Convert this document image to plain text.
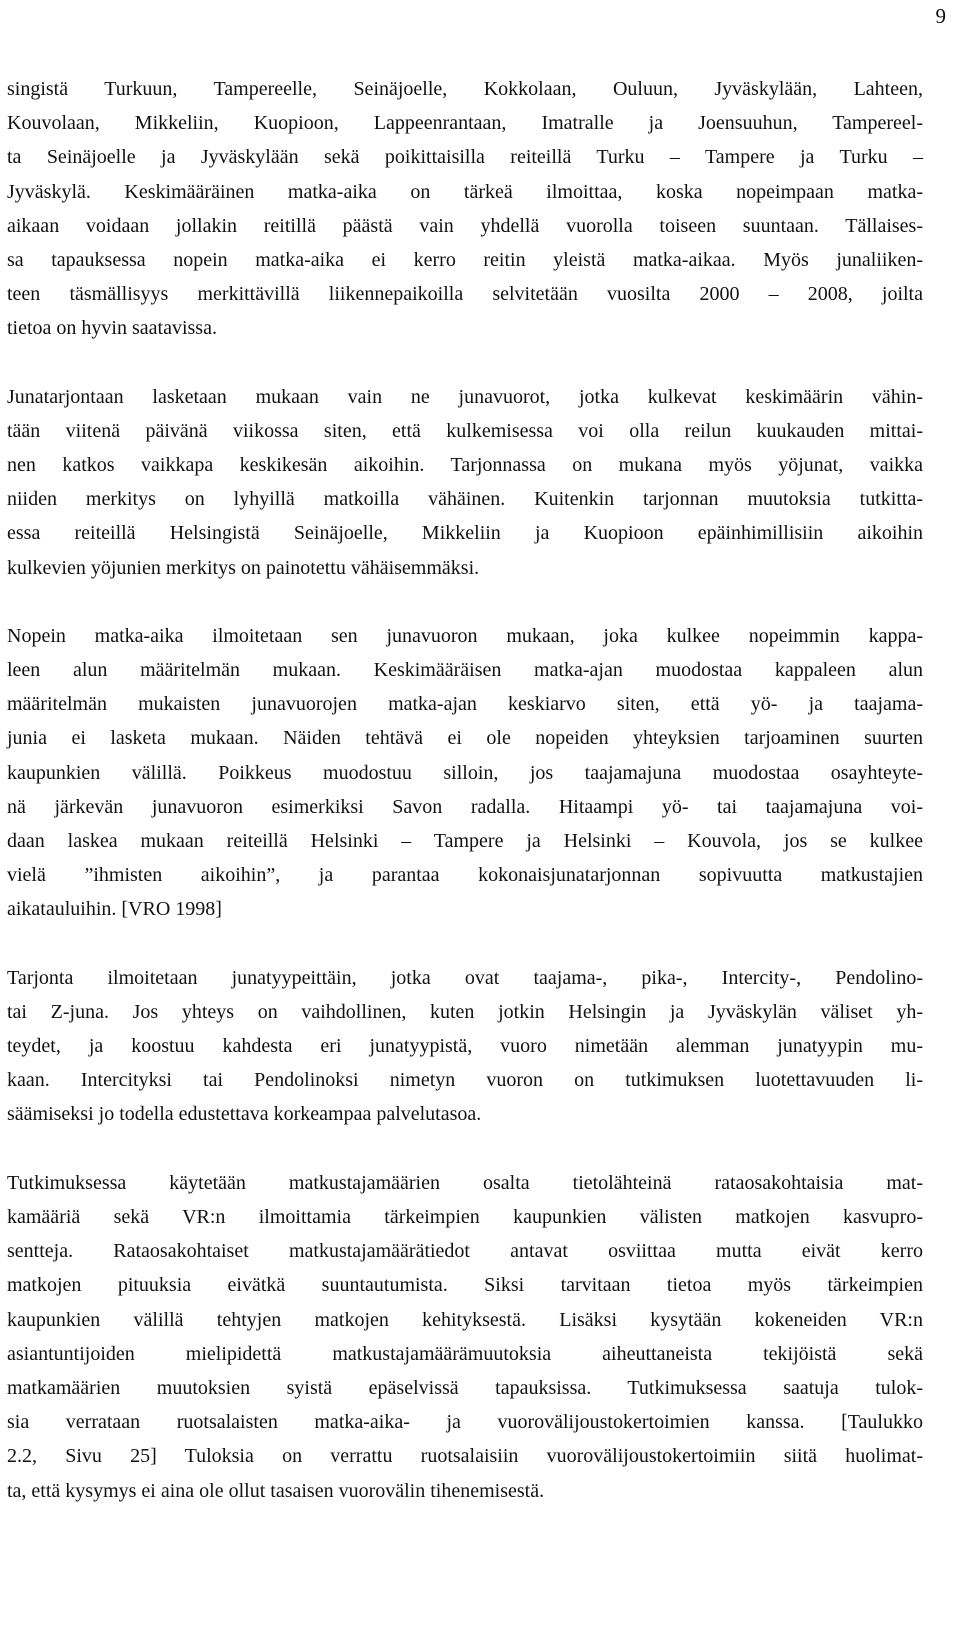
9

singistä Turkuun, Tampereelle, Seinäjoelle, Kokkolaan, Ouluun, Jyväskylään, Lahteen,
Kouvolaan, Mikkeliin, Kuopioon, Lappeenrantaan, Imatralle ja Joensuuhun, Tampereel-
ta Seinäjoelle ja Jyväskylään sekä poikittaisilla reiteillä Turku – Tampere ja Turku –
Jyväskylä. Keskimääräinen matka-aika on tärkeä ilmoittaa, koska nopeimpaan matka-
aikaan voidaan jollakin reitillä päästä vain yhdellä vuorolla toiseen suuntaan. Tällaises-
sa tapauksessa nopein matka-aika ei kerro reitin yleistä matka-aikaa. Myös junaliiken-
teen täsmällisyys merkittävillä liikennepaikoilla selvitetään vuosilta 2000 – 2008, joilta
tietoa on hyvin saatavissa.

Junatarjontaan lasketaan mukaan vain ne junavuorot, jotka kulkevat keskimäärin vähin-
tään viitenä päivänä viikossa siten, että kulkemisessa voi olla reilun kuukauden mittai-
nen katkos vaikkapa keskikesän aikoihin. Tarjonnassa on mukana myös yöjunat, vaikka
niiden merkitys on lyhyillä matkoilla vähäinen. Kuitenkin tarjonnan muutoksia tutkitta-
essa reiteillä Helsingistä Seinäjoelle, Mikkeliin ja Kuopioon epäinhimillisiin aikoihin
kulkevien yöjunien merkitys on painotettu vähäisemmäksi.

Nopein matka-aika ilmoitetaan sen junavuoron mukaan, joka kulkee nopeimmin kappa-
leen alun määritelmän mukaan. Keskimääräisen matka-ajan muodostaa kappaleen alun
määritelmän mukaisten junavuorojen matka-ajan keskiarvo siten, että yö- ja taajama-
junia ei lasketa mukaan. Näiden tehtävä ei ole nopeiden yhteyksien tarjoaminen suurten
kaupunkien välillä. Poikkeus muodostuu silloin, jos taajamajuna muodostaa osayhteyte-
nä järkevän junavuoron esimerkiksi Savon radalla. Hitaampi yö- tai taajamajuna voi-
daan laskea mukaan reiteillä Helsinki – Tampere ja Helsinki – Kouvola, jos se kulkee
vielä ”ihmisten aikoihin”, ja parantaa kokonaisjunatarjonnan sopivuutta matkustajien
aikatauluihin. [VRO 1998]

Tarjonta ilmoitetaan junatyypeittäin, jotka ovat taajama-, pika-, Intercity-, Pendolino-
tai Z-juna. Jos yhteys on vaihdollinen, kuten jotkin Helsingin ja Jyväskylän väliset yh-
teydet, ja koostuu kahdesta eri junatyypistä, vuoro nimetään alemman junatyypin mu-
kaan. Intercityksi tai Pendolinoksi nimetyn vuoron on tutkimuksen luotettavuuden li-
säämiseksi jo todella edustettava korkeampaa palvelutasoa.

Tutkimuksessa käytetään matkustajamäärien osalta tietolähteinä rataosakohtaisia mat-
kamääriä sekä VR:n ilmoittamia tärkeimpien kaupunkien välisten matkojen kasvupro-
sentteja. Rataosakohtaiset matkustajamäärätiedot antavat osviittaa mutta eivät kerro
matkojen pituuksia eivätkä suuntautumista. Siksi tarvitaan tietoa myös tärkeimpien
kaupunkien välillä tehtyjen matkojen kehityksestä. Lisäksi kysytään kokeneiden VR:n
asiantuntijoiden mielipidettä matkustajamäärämuutoksia aiheuttaneista tekijöistä sekä
matkamäärien muutoksien syistä epäselvissä tapauksissa. Tutkimuksessa saatuja tulok-
sia verrataan ruotsalaisten matka-aika- ja vuorovälijoustokertoimien kanssa. [Taulukko
2.2, Sivu 25] Tuloksia on verrattu ruotsalaisiin vuorovälijoustokertoimiin siitä huolimat-
ta, että kysymys ei aina ole ollut tasaisen vuorovälin tihenemisestä.
